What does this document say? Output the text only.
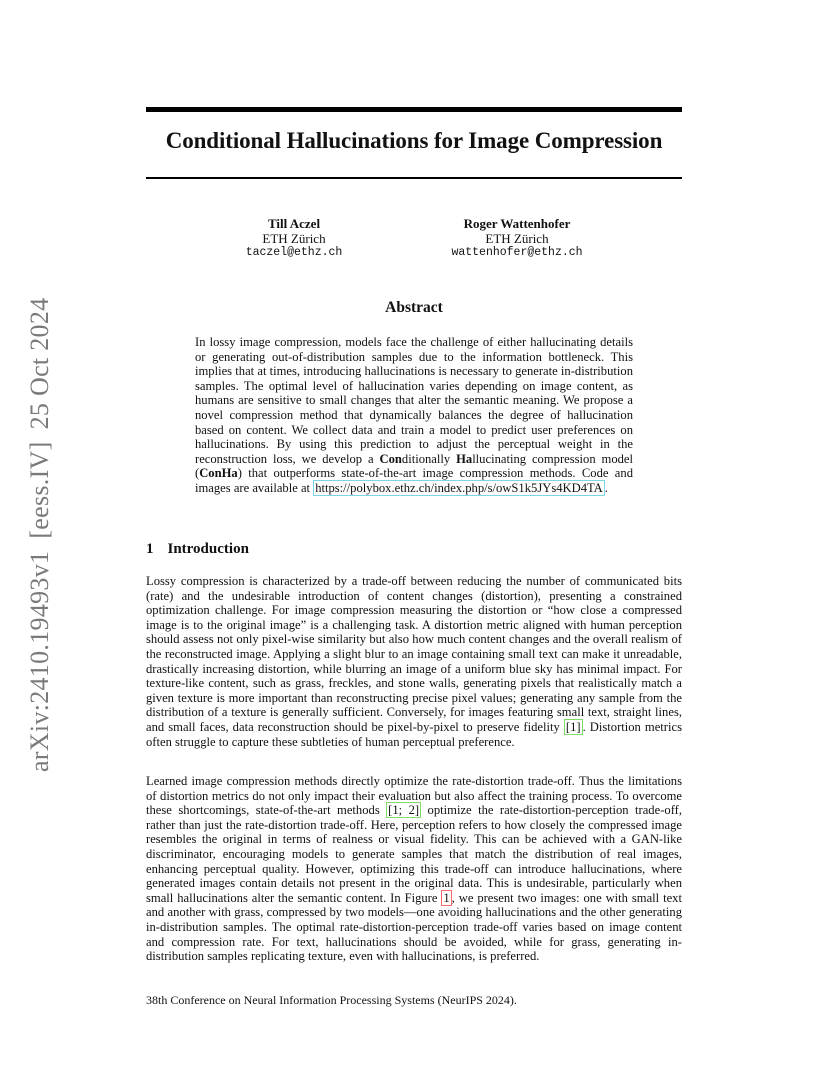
arXiv:2410.19493v1[eess.IV]25 Oct 2024
Conditional Hallucinations for Image Compression
Till Aczel
ETH Zürich
taczel@ethz.ch
Roger Wattenhofer
ETH Zürich
wattenhofer@ethz.ch
Abstract

In lossy image compression, models face the challenge of either hallucinating details or generating out-of-distribution samples due to the information bottleneck. This implies that at times, introducing hallucinations is necessary to generate in-distribution samples. The optimal level of hallucination varies depending on image content, as humans are sensitive to small changes that alter the semantic meaning. We propose a novel compression method that dynamically balances the degree of hallucination based on content. We collect data and train a model to predict user preferences on hallucinations. By using this prediction to adjust the perceptual weight in the reconstruction loss, we develop a Conditionally Hallucinating compression model (ConHa) that outperforms state-of-the-art image compression methods. Code and images are available at https://polybox.ethz.ch/index.php/s/owS1k5JYs4KD4TA .

1 Introduction

Lossy compression is characterized by a trade-off between reducing the number of communicated bits (rate) and the undesirable introduction of content changes (distortion), presenting a constrained optimization challenge. For image compression measuring the distortion or “how close a compressed image is to the original image” is a challenging task. A distortion metric aligned with human perception should assess not only pixel-wise similarity but also how much content changes and the overall realism of the reconstructed image. Applying a slight blur to an image containing small text can make it unreadable, drastically increasing distortion, while blurring an image of a uniform blue sky has minimal impact. For texture-like content, such as grass, freckles, and stone walls, generating pixels that realistically match a given texture is more important than reconstructing precise pixel values; generating any sample from the distribution of a texture is generally sufficient. Conversely, for images featuring small text, straight lines, and small faces, data reconstruction should be pixel-by-pixel to preserve fidelity [1] . Distortion metrics often struggle to capture these subtleties of human perceptual preference.

Learned image compression methods directly optimize the rate-distortion trade-off. Thus the limitations of distortion metrics do not only impact their evaluation but also affect the training process. To overcome these shortcomings, state-of-the-art methods [1; 2] optimize the rate-distortion-perception trade-off, rather than just the rate-distortion trade-off. Here, perception refers to how closely the compressed image resembles the original in terms of realness or visual fidelity. This can be achieved with a GAN-like discriminator, encouraging models to generate samples that match the distribution of real images, enhancing perceptual quality. However, optimizing this trade-off can introduce hallucinations, where generated images contain details not present in the original data. This is undesirable, particularly when small hallucinations alter the semantic content. In Figure 1 , we present two images: one with small text and another with grass, compressed by two models—one avoiding hallucinations and the other generating in-distribution samples. The optimal rate-distortion-perception trade-off varies based on image content and compression rate. For text, hallucinations should be avoided, while for grass, generating in-distribution samples replicating texture, even with hallucinations, is preferred.

38th Conference on Neural Information Processing Systems (NeurIPS 2024).
